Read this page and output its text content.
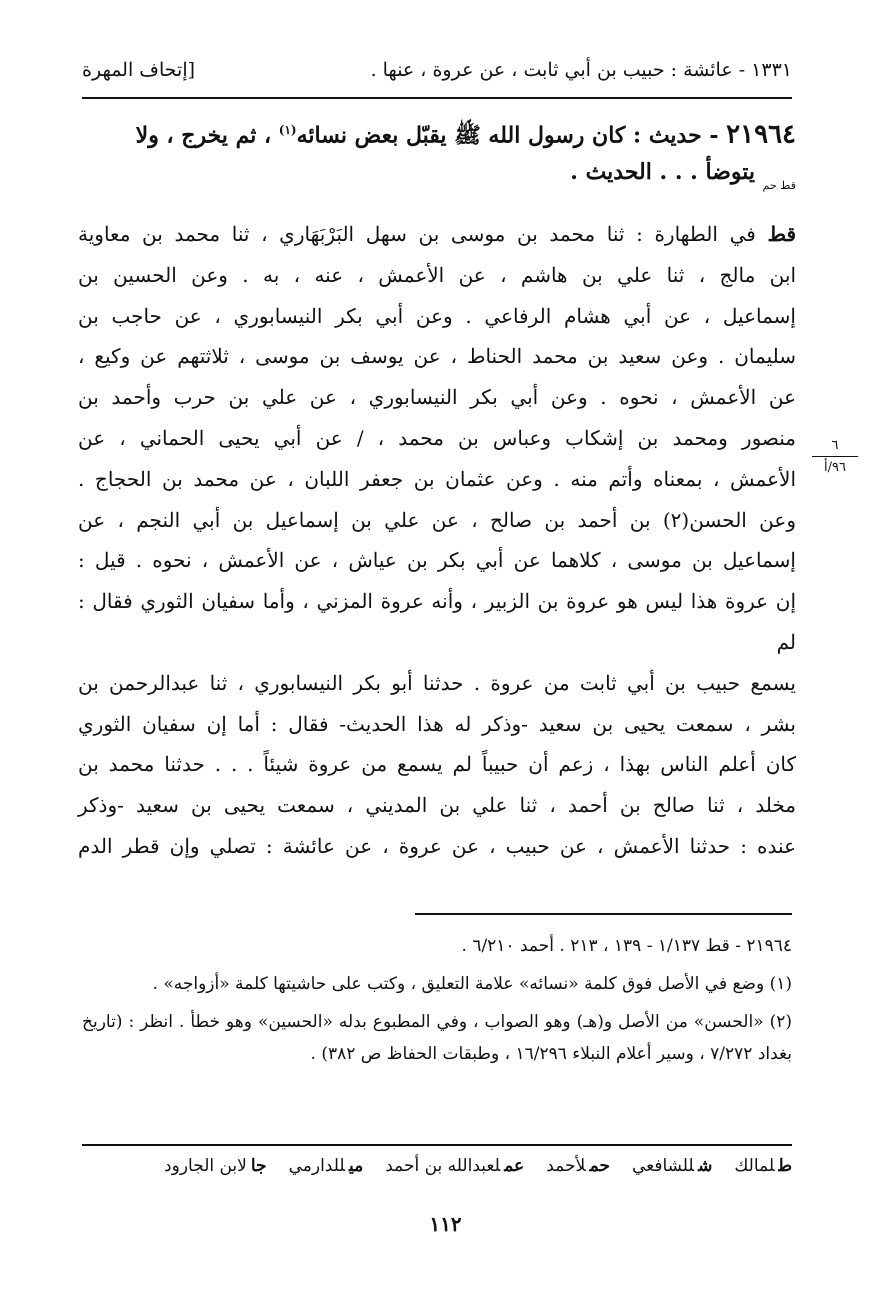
١٣٣١ - عائشة : حبيب بن أبي ثابت ، عن عروة ، عنها .
[إتحاف المهرة
٢١٩٦٤ - حديث : كان رسول الله ﷺ يقبّل بعض نسائه$^{(١)}$ ، ثم يخرج ، ولا
$_{قط حم}$ يتوضأ . . . الحديث .
قط في الطهارة : ثنا محمد بن موسى بن سهل البَرْبَهَاري ، ثنا محمد بن معاوية
ابن مالج ، ثنا علي بن هاشم ، عن الأعمش ، عنه ، به . وعن الحسين بن
إسماعيل ، عن أبي هشام الرفاعي . وعن أبي بكر النيسابوري ، عن حاجب بن
سليمان . وعن سعيد بن محمد الحناط ، عن يوسف بن موسى ، ثلاثتهم عن وكيع ،
عن الأعمش ، نحوه . وعن أبي بكر النيسابوري ، عن علي بن حرب وأحمد بن
منصور ومحمد بن إشكاب وعباس بن محمد ، / عن أبي يحيى الحماني ، عن
الأعمش ، بمعناه وأتم منه . وعن عثمان بن جعفر اللبان ، عن محمد بن الحجاج .
وعن الحسن(٢) بن أحمد بن صالح ، عن علي بن إسماعيل بن أبي النجم ، عن
إسماعيل بن موسى ، كلاهما عن أبي بكر بن عياش ، عن الأعمش ، نحوه . قيل :
إن عروة هذا ليس هو عروة بن الزبير ، وأنه عروة المزني ، وأما سفيان الثوري فقال : لم
يسمع حبيب بن أبي ثابت من عروة . حدثنا أبو بكر النيسابوري ، ثنا عبدالرحمن بن
بشر ، سمعت يحيى بن سعيد -وذكر له هذا الحديث- فقال : أما إن سفيان الثوري
كان أعلم الناس بهذا ، زعم أن حبيباً لم يسمع من عروة شيئاً . . . حدثنا محمد بن
مخلد ، ثنا صالح بن أحمد ، ثنا علي بن المديني ، سمعت يحيى بن سعيد -وذكر
عنده : حدثنا الأعمش ، عن حبيب ، عن عروة ، عن عائشة : تصلي وإن قطر الدم
٦
٩٦/أ

٢١٩٦٤ - قط ١/١٣٧ - ١٣٩ ، ٢١٣ . أحمد ٦/٢١٠ .

(١) وضع في الأصل فوق كلمة «نسائه» علامة التعليق ، وكتب على حاشيتها كلمة «أزواجه» .

(٢) «الحسن» من الأصل و(هـ) وهو الصواب ، وفي المطبوع بدله «الحسين» وهو خطأ . انظر : (تاريخ بغداد ٧/٢٧٢ ، وسير أعلام النبلاء ١٦/٢٩٦ ، وطبقات الحفاظ ص ٣٨٢) .

طلمالك
شللشافعي
حملأحمد
عملعبدالله بن أحمد
ميللدارمي
جالابن الجارود
١١٢
